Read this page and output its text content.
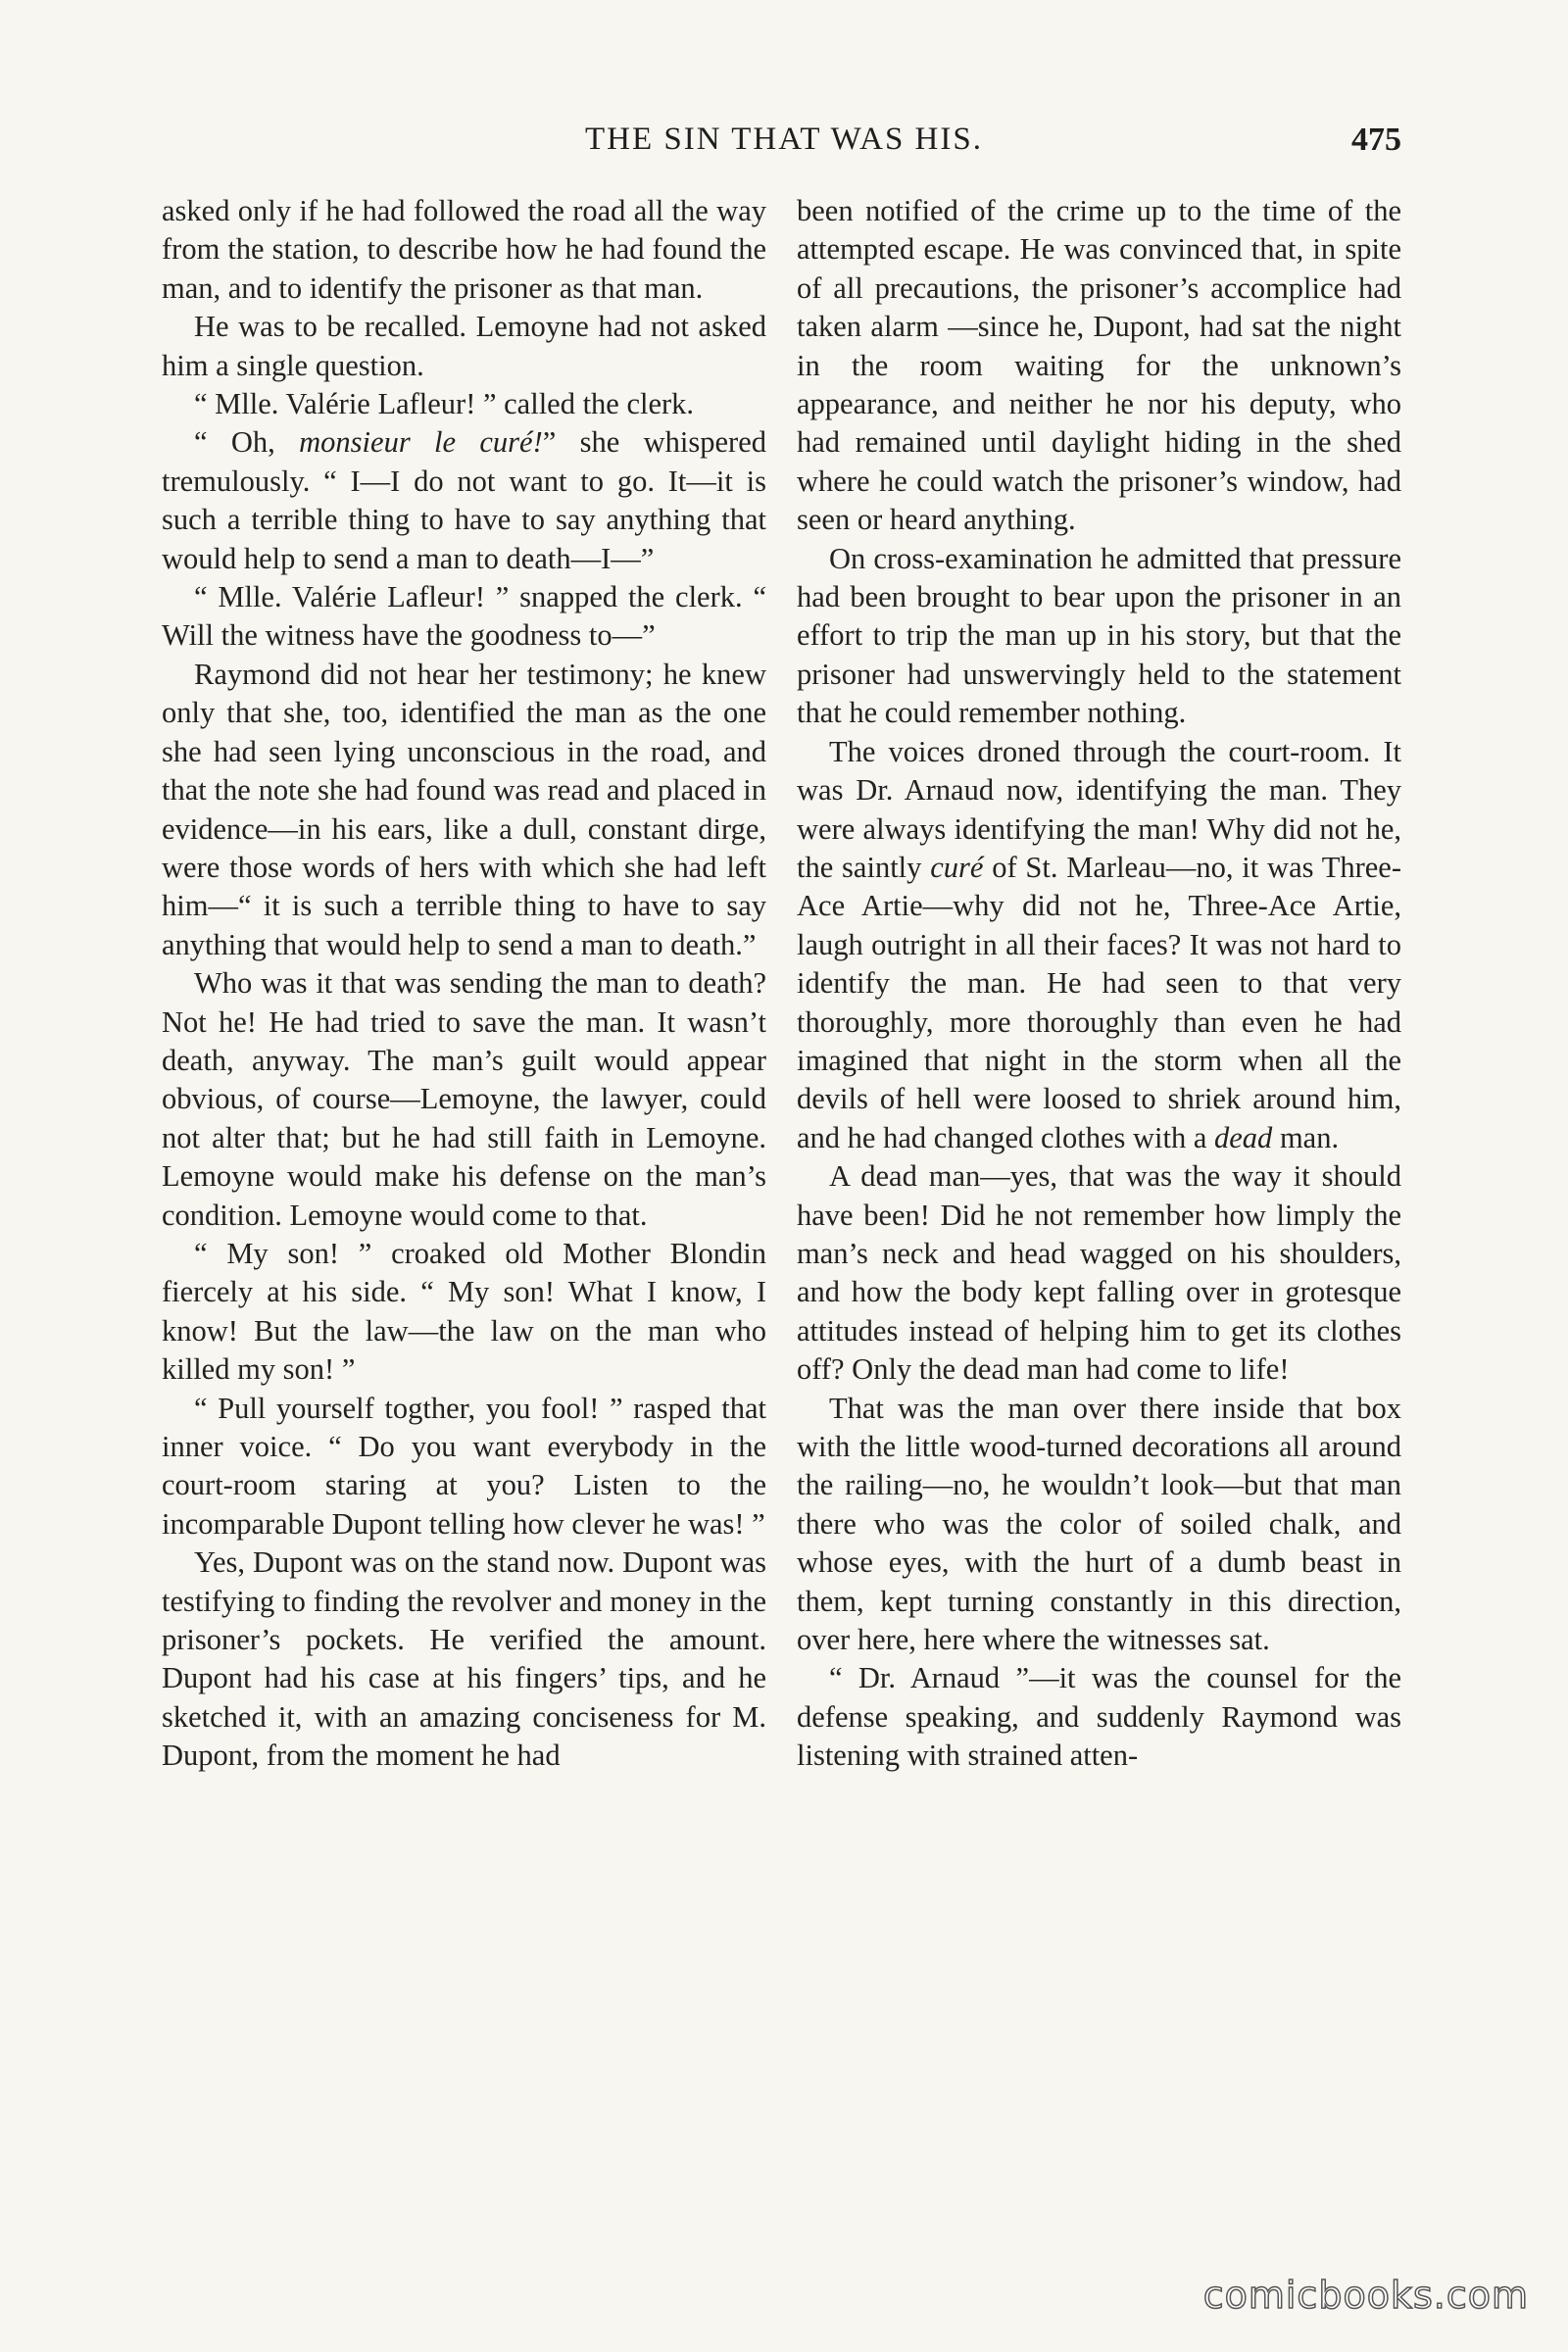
THE SIN THAT WAS HIS.	475

asked only if he had followed the road all the way from the station, to describe how he had found the man, and to identify the prisoner as that man.

He was to be recalled. Lemoyne had not asked him a single question.

“ Mlle. Valérie Lafleur! ” called the clerk.

“ Oh, monsieur le curé!” she whispered tremulously. “ I—I do not want to go. It—it is such a terrible thing to have to say anything that would help to send a man to death—I—”

“ Mlle. Valérie Lafleur! ” snapped the clerk. “ Will the witness have the goodness to—”

Raymond did not hear her testimony; he knew only that she, too, identified the man as the one she had seen lying unconscious in the road, and that the note she had found was read and placed in evidence—in his ears, like a dull, constant dirge, were those words of hers with which she had left him—“ it is such a terrible thing to have to say anything that would help to send a man to death.”

Who was it that was sending the man to death? Not he! He had tried to save the man. It wasn’t death, anyway. The man’s guilt would appear obvious, of course—Lemoyne, the lawyer, could not alter that; but he had still faith in Lemoyne. Lemoyne would make his defense on the man’s condition. Lemoyne would come to that.

“ My son! ” croaked old Mother Blondin fiercely at his side. “ My son! What I know, I know! But the law—the law on the man who killed my son! ”

“ Pull yourself togther, you fool! ” rasped that inner voice. “ Do you want everybody in the court-room staring at you? Listen to the incomparable Dupont telling how clever he was! ”

Yes, Dupont was on the stand now. Dupont was testifying to finding the revolver and money in the prisoner’s pockets. He verified the amount. Dupont had his case at his fingers’ tips, and he sketched it, with an amazing conciseness for M. Dupont, from the moment he had

been notified of the crime up to the time of the attempted escape. He was convinced that, in spite of all precautions, the prisoner’s accomplice had taken alarm —since he, Dupont, had sat the night in the room waiting for the unknown’s appearance, and neither he nor his deputy, who had remained until daylight hiding in the shed where he could watch the prisoner’s window, had seen or heard anything.

On cross-examination he admitted that pressure had been brought to bear upon the prisoner in an effort to trip the man up in his story, but that the prisoner had unswervingly held to the statement that he could remember nothing.

The voices droned through the court-room. It was Dr. Arnaud now, identifying the man. They were always identifying the man! Why did not he, the saintly curé of St. Marleau—no, it was Three-Ace Artie—why did not he, Three-Ace Artie, laugh outright in all their faces? It was not hard to identify the man. He had seen to that very thoroughly, more thoroughly than even he had imagined that night in the storm when all the devils of hell were loosed to shriek around him, and he had changed clothes with a dead man.

A dead man—yes, that was the way it should have been! Did he not remember how limply the man’s neck and head wagged on his shoulders, and how the body kept falling over in grotesque attitudes instead of helping him to get its clothes off? Only the dead man had come to life!

That was the man over there inside that box with the little wood-turned decorations all around the railing—no, he wouldn’t look—but that man there who was the color of soiled chalk, and whose eyes, with the hurt of a dumb beast in them, kept turning constantly in this direction, over here, here where the witnesses sat.

“ Dr. Arnaud ”—it was the counsel for the defense speaking, and suddenly Raymond was listening with strained atten-

comicbooks.com
